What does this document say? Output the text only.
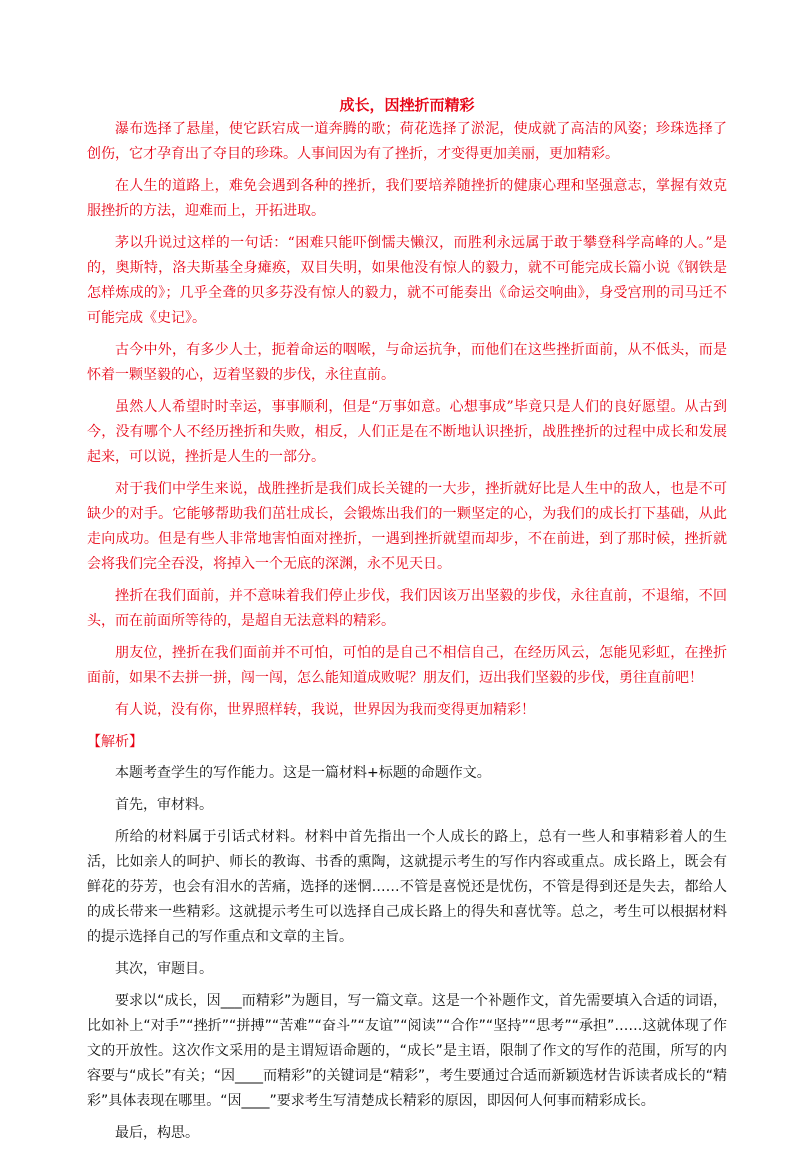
成长，因挫折而精彩

瀑布选择了悬崖，使它跃宕成一道奔腾的歌；荷花选择了淤泥，使成就了高洁的风姿；珍珠选择了创伤，它才孕育出了夺目的珍珠。人事间因为有了挫折，才变得更加美丽，更加精彩。

在人生的道路上，难免会遇到各种的挫折，我们要培养随挫折的健康心理和坚强意志，掌握有效克服挫折的方法，迎难而上，开拓进取。

茅以升说过这样的一句话：“困难只能吓倒懦夫懒汉，而胜利永远属于敢于攀登科学高峰的人。”是的，奥斯特，洛夫斯基全身瘫痪，双目失明，如果他没有惊人的毅力，就不可能完成长篇小说《钢铁是怎样炼成的》；几乎全聋的贝多芬没有惊人的毅力，就不可能奏出《命运交响曲》，身受宫刑的司马迁不可能完成《史记》。

古今中外，有多少人士，扼着命运的咽喉，与命运抗争，而他们在这些挫折面前，从不低头，而是怀着一颗坚毅的心，迈着坚毅的步伐，永往直前。

虽然人人希望时时幸运，事事顺利，但是“万事如意。心想事成”毕竟只是人们的良好愿望。从古到今，没有哪个人不经历挫折和失败，相反，人们正是在不断地认识挫折，战胜挫折的过程中成长和发展起来，可以说，挫折是人生的一部分。

对于我们中学生来说，战胜挫折是我们成长关键的一大步，挫折就好比是人生中的敌人，也是不可缺少的对手。它能够帮助我们茁壮成长，会锻炼出我们的一颗坚定的心，为我们的成长打下基础，从此走向成功。但是有些人非常地害怕面对挫折，一遇到挫折就望而却步，不在前进，到了那时候，挫折就会将我们完全吞没，将掉入一个无底的深渊，永不见天日。

挫折在我们面前，并不意味着我们停止步伐，我们因该万出坚毅的步伐，永往直前，不退缩，不回头，而在前面所等待的，是超自无法意料的精彩。

朋友位，挫折在我们面前并不可怕，可怕的是自己不相信自己，在经历风云，怎能见彩虹，在挫折面前，如果不去拼一拼，闯一闯，怎么能知道成败呢？朋友们，迈出我们坚毅的步伐，勇往直前吧！

有人说，没有你，世界照样转，我说，世界因为我而变得更加精彩！

【解析】

本题考查学生的写作能力。这是一篇材料+标题的命题作文。

首先，审材料。

所给的材料属于引话式材料。材料中首先指出一个人成长的路上，总有一些人和事精彩着人的生活，比如亲人的呵护、师长的教诲、书香的熏陶，这就提示考生的写作内容或重点。成长路上，既会有鲜花的芬芳，也会有泪水的苦痛，选择的迷惘……不管是喜悦还是忧伤，不管是得到还是失去，都给人的成长带来一些精彩。这就提示考生可以选择自己成长路上的得失和喜忧等。总之，考生可以根据材料的提示选择自己的写作重点和文章的主旨。

其次，审题目。

要求以“成长，因___而精彩”为题目，写一篇文章。这是一个补题作文，首先需要填入合适的词语，比如补上“对手”“挫折”“拼搏”“苦难”“奋斗”“友谊”“阅读”“合作”“坚持”“思考”“承担”……这就体现了作文的开放性。这次作文采用的是主谓短语命题的，“成长”是主语，限制了作文的写作的范围，所写的内容要与“成长”有关；“因____而精彩”的关键词是“精彩”，考生要通过合适而新颖选材告诉读者成长的“精彩”具体表现在哪里。“因____”要求考生写清楚成长精彩的原因，即因何人何事而精彩成长。

最后，构思。
